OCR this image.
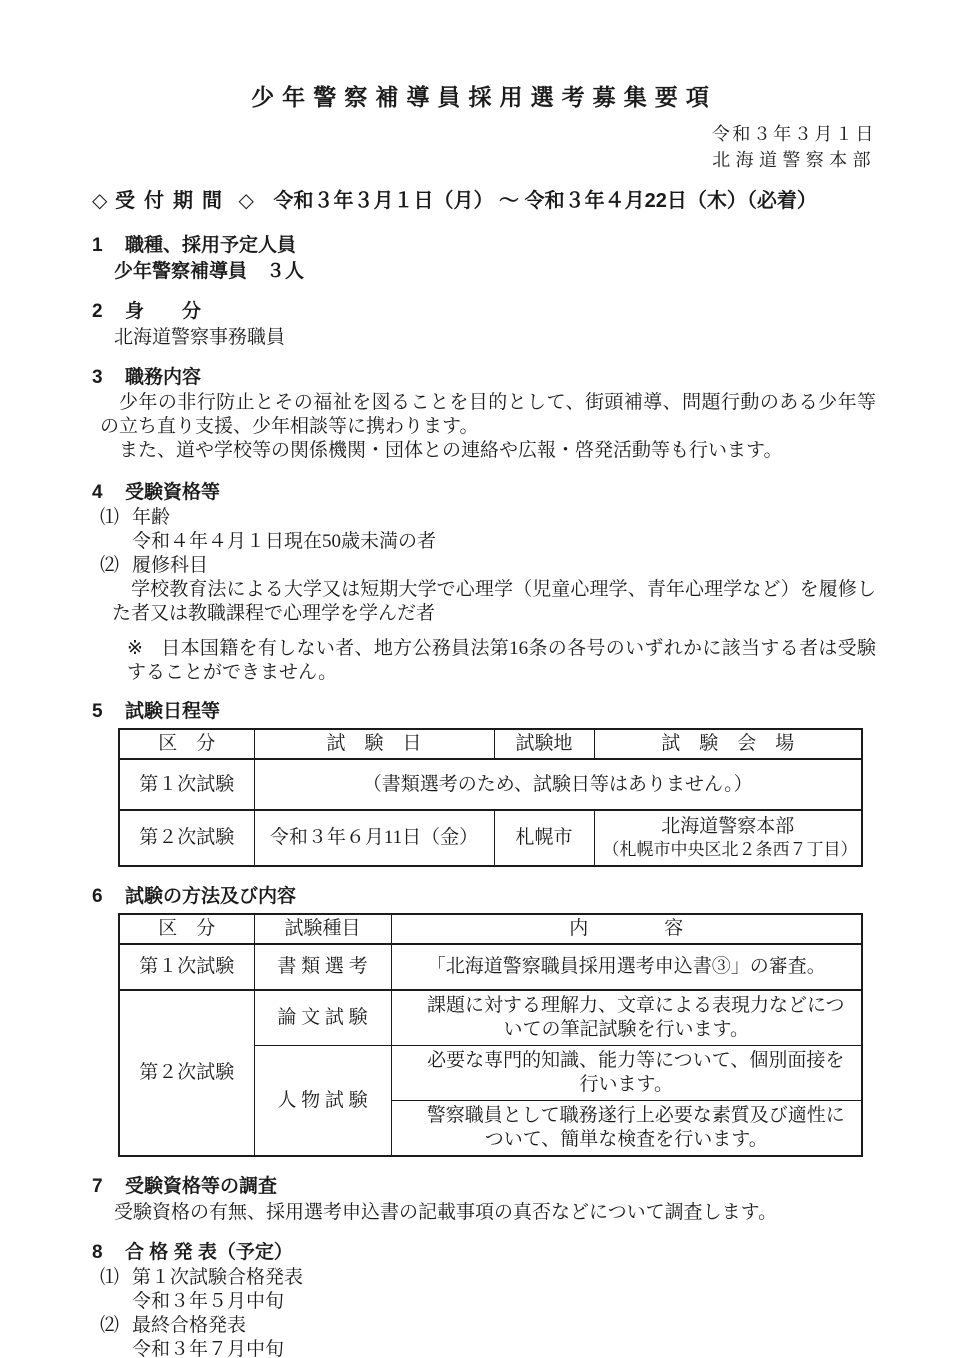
少年警察補導員採用選考募集要項
令和３年３月１日
北海道警察本部
◇ 受付期間 ◇ 令和３年３月１日（月） ～ 令和３年４月22日（木）（必着）
1	職種、採用予定人員
少年警察補導員　３人
2	身　　分
北海道警察事務職員
3	職務内容

少年の非行防止とその福祉を図ることを目的として、街頭補導、問題行動のある少年等の立ち直り支援、少年相談等に携わります。

また、道や学校等の関係機関・団体との連絡や広報・啓発活動等も行います。

4	受験資格等
⑴ 年齢
令和４年４月１日現在50歳未満の者
⑵ 履修科目
学校教育法による大学又は短期大学で心理学（児童心理学、青年心理学など）を履修した者又は教職課程で心理学を学んだ者

※ 日本国籍を有しない者、地方公務員法第16条の各号のいずれかに該当する者は受験することができません。

5	試験日程等
区　分	試　験　日	試験地	試　験　会　場
第１次試験	（書類選考のため、試験日等はありません。）		
第２次試験	令和３年６月11日（金）	札幌市	北海道警察本部
（札幌市中央区北２条西７丁目）
6	試験の方法及び内容
区　分	試験種目	内　　　　容
第１次試験	書 類 選 考	「北海道警察職員採用選考申込書③」の審査。
第２次試験	論 文 試 験	課題に対する理解力、文章による表現力などについての筆記試験を行います。
	人 物 試 験	必要な専門的知識、能力等について、個別面接を行います。
		警察職員として職務遂行上必要な素質及び適性について、簡単な検査を行います。
7	受験資格等の調査
受験資格の有無、採用選考申込書の記載事項の真否などについて調査します。
8	合 格 発 表（予定）
⑴ 第１次試験合格発表
令和３年５月中旬
⑵ 最終合格発表
令和３年７月中旬
